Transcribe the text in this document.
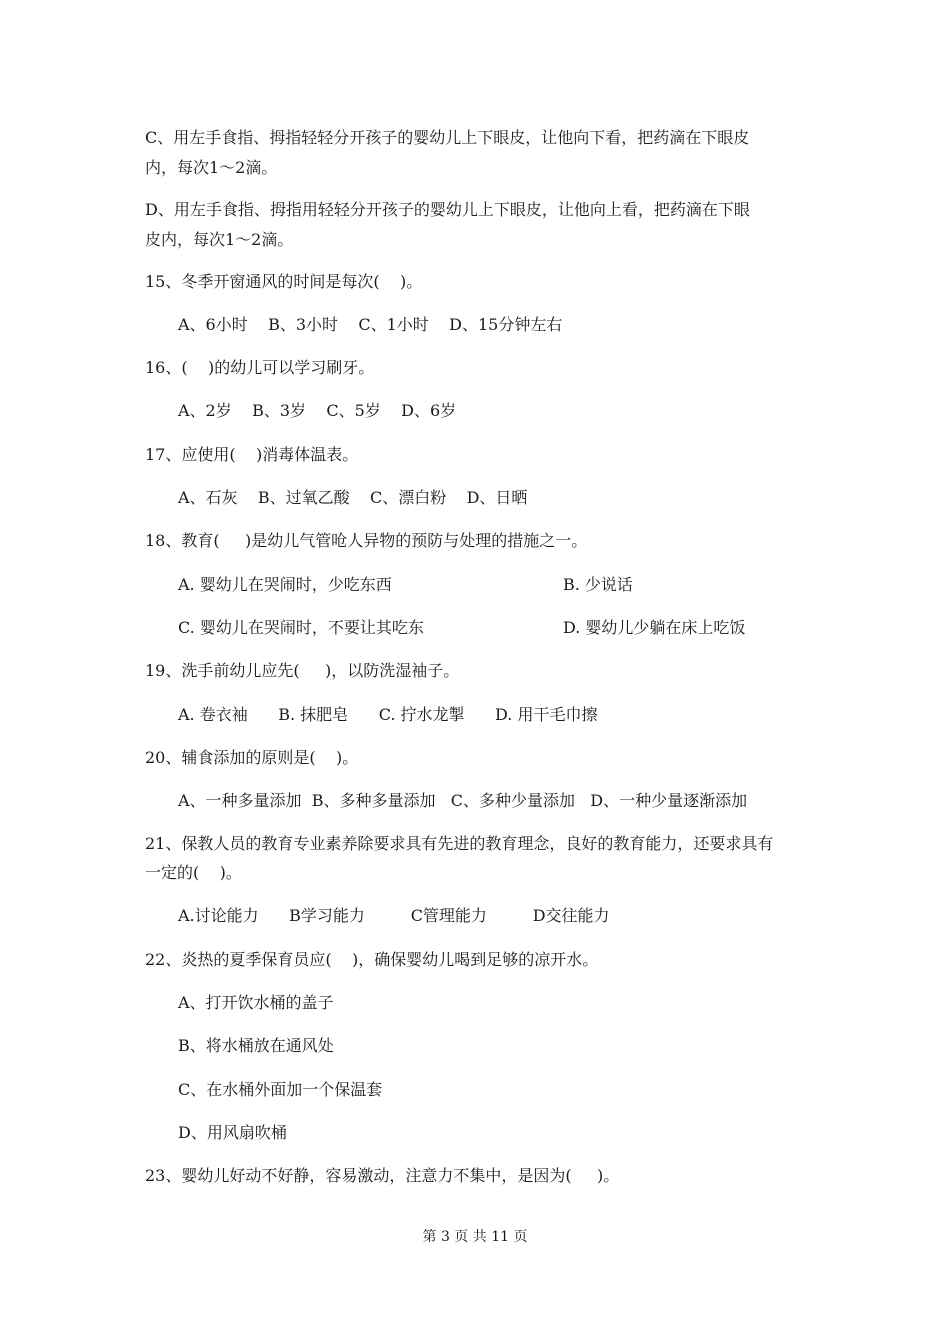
C、用左手食指、拇指轻轻分开孩子的婴幼儿上下眼皮，让他向下看，把药滴在下眼皮

内，每次1～2滴。

D、用左手食指、拇指用轻轻分开孩子的婴幼儿上下眼皮，让他向上看，把药滴在下眼

皮内，每次1～2滴。

15、冬季开窗通风的时间是每次(    )。

A、6小时    B、3小时    C、1小时    D、15分钟左右

16、(    )的幼儿可以学习刷牙。

A、2岁    B、3岁    C、5岁    D、6岁

17、应使用(    )消毒体温表。

A、石灰    B、过氧乙酸    C、漂白粉    D、日晒

18、教育(     )是幼儿气管呛人异物的预防与处理的措施之一。

A. 婴幼儿在哭闹时，少吃东西	B. 少说话

C. 婴幼儿在哭闹时，不要让其吃东	D. 婴幼儿少躺在床上吃饭

19、洗手前幼儿应先(     )，以防洗湿袖子。

A. 卷衣袖      B. 抹肥皂      C. 拧水龙掣      D. 用干毛巾擦

20、辅食添加的原则是(    )。

A、一种多量添加  B、多种多量添加   C、多种少量添加   D、一种少量逐渐添加

21、保教人员的教育专业素养除要求具有先进的教育理念，良好的教育能力，还要求具有

一定的(    )。

A.讨论能力      B学习能力         C管理能力         D交往能力

22、炎热的夏季保育员应(    )，确保婴幼儿喝到足够的凉开水。

A、打开饮水桶的盖子

B、将水桶放在通风处

C、在水桶外面加一个保温套

D、用风扇吹桶

23、婴幼儿好动不好静，容易激动，注意力不集中，是因为(     )。

第 3 页 共 11 页
